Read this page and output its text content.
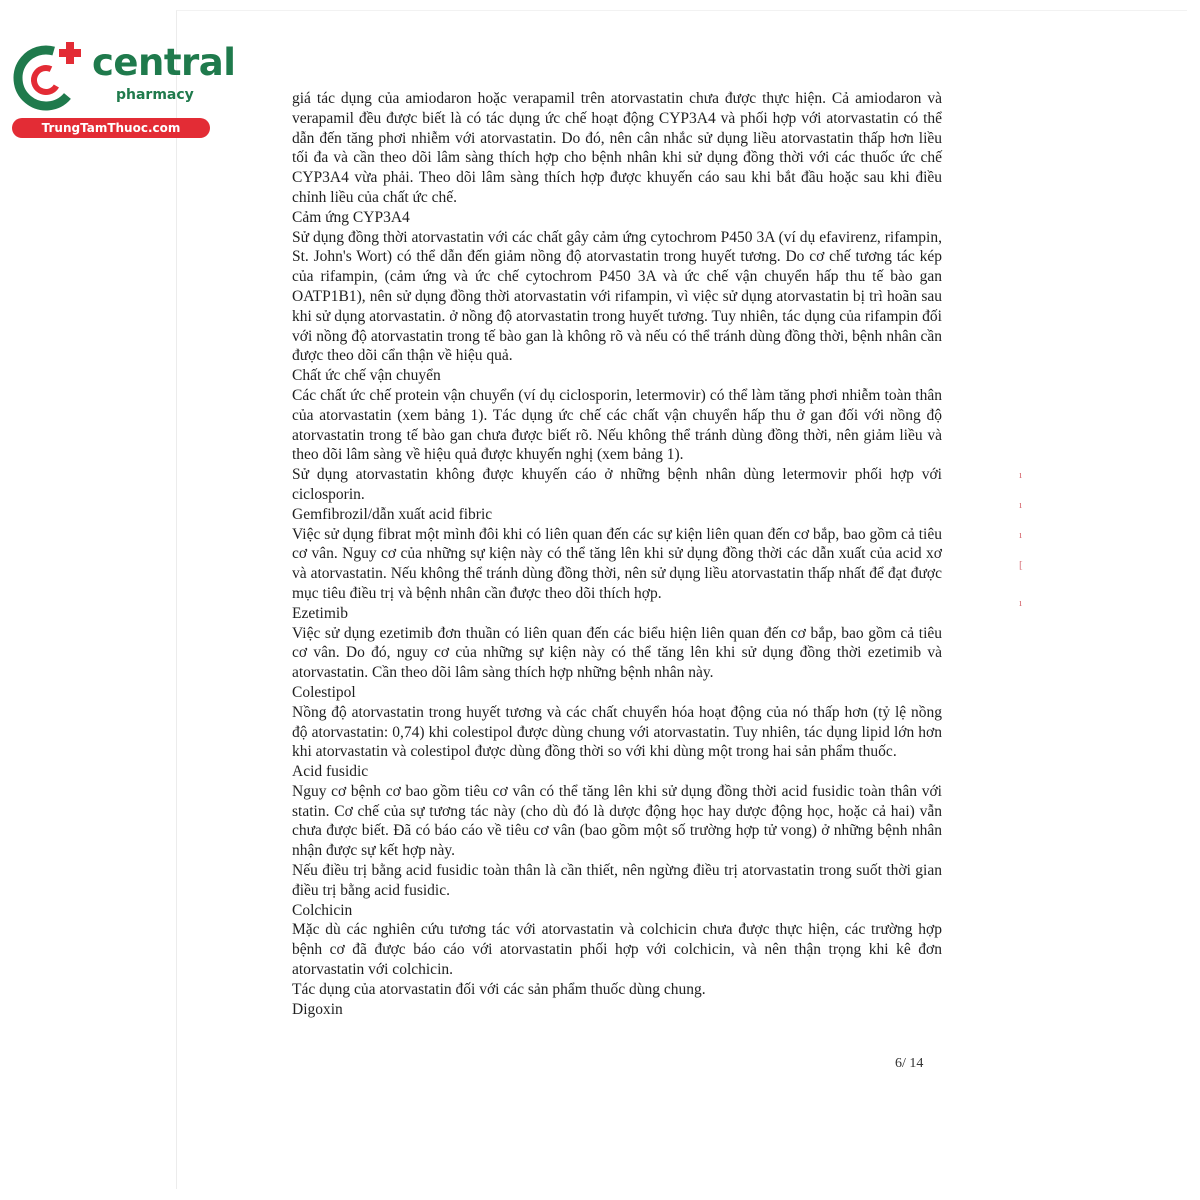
central
pharmacy
TrungTamThuoc.com

giá tác dụng của amiodaron hoặc verapamil trên atorvastatin chưa được thực hiện. Cả amiodaron và verapamil đều được biết là có tác dụng ức chế hoạt động CYP3A4 và phối hợp với atorvastatin có thể dẫn đến tăng phơi nhiễm với atorvastatin. Do đó, nên cân nhắc sử dụng liều atorvastatin thấp hơn liều tối đa và cần theo dõi lâm sàng thích hợp cho bệnh nhân khi sử dụng đồng thời với các thuốc ức chế CYP3A4 vừa phải. Theo dõi lâm sàng thích hợp được khuyến cáo sau khi bắt đầu hoặc sau khi điều chỉnh liều của chất ức chế.

Cảm ứng CYP3A4

Sử dụng đồng thời atorvastatin với các chất gây cảm ứng cytochrom P450 3A (ví dụ efavirenz, rifampin, St. John's Wort) có thể dẫn đến giảm nồng độ atorvastatin trong huyết tương. Do cơ chế tương tác kép của rifampin, (cảm ứng và ức chế cytochrom P450 3A và ức chế vận chuyển hấp thu tế bào gan OATP1B1), nên sử dụng đồng thời atorvastatin với rifampin, vì việc sử dụng atorvastatin bị trì hoãn sau khi sử dụng atorvastatin. ở nồng độ atorvastatin trong huyết tương. Tuy nhiên, tác dụng của rifampin đối với nồng độ atorvastatin trong tế bào gan là không rõ và nếu có thể tránh dùng đồng thời, bệnh nhân cần được theo dõi cẩn thận về hiệu quả.

Chất ức chế vận chuyển

Các chất ức chế protein vận chuyển (ví dụ ciclosporin, letermovir) có thể làm tăng phơi nhiễm toàn thân của atorvastatin (xem bảng 1). Tác dụng ức chế các chất vận chuyển hấp thu ở gan đối với nồng độ atorvastatin trong tế bào gan chưa được biết rõ. Nếu không thể tránh dùng đồng thời, nên giảm liều và theo dõi lâm sàng về hiệu quả được khuyến nghị (xem bảng 1).

Sử dụng atorvastatin không được khuyến cáo ở những bệnh nhân dùng letermovir phối hợp với ciclosporin.

Gemfibrozil/dẫn xuất acid fibric

Việc sử dụng fibrat một mình đôi khi có liên quan đến các sự kiện liên quan đến cơ bắp, bao gồm cả tiêu cơ vân. Nguy cơ của những sự kiện này có thể tăng lên khi sử dụng đồng thời các dẫn xuất của acid xơ và atorvastatin. Nếu không thể tránh dùng đồng thời, nên sử dụng liều atorvastatin thấp nhất để đạt được mục tiêu điều trị và bệnh nhân cần được theo dõi thích hợp.

Ezetimib

Việc sử dụng ezetimib đơn thuần có liên quan đến các biểu hiện liên quan đến cơ bắp, bao gồm cả tiêu cơ vân. Do đó, nguy cơ của những sự kiện này có thể tăng lên khi sử dụng đồng thời ezetimib và atorvastatin. Cần theo dõi lâm sàng thích hợp những bệnh nhân này.

Colestipol

Nồng độ atorvastatin trong huyết tương và các chất chuyển hóa hoạt động của nó thấp hơn (tỷ lệ nồng độ atorvastatin: 0,74) khi colestipol được dùng chung với atorvastatin. Tuy nhiên, tác dụng lipid lớn hơn khi atorvastatin và colestipol được dùng đồng thời so với khi dùng một trong hai sản phẩm thuốc.

Acid fusidic

Nguy cơ bệnh cơ bao gồm tiêu cơ vân có thể tăng lên khi sử dụng đồng thời acid fusidic toàn thân với statin. Cơ chế của sự tương tác này (cho dù đó là dược động học hay dược động học, hoặc cả hai) vẫn chưa được biết. Đã có báo cáo về tiêu cơ vân (bao gồm một số trường hợp tử vong) ở những bệnh nhân nhận được sự kết hợp này.

Nếu điều trị bằng acid fusidic toàn thân là cần thiết, nên ngừng điều trị atorvastatin trong suốt thời gian điều trị bằng acid fusidic.

Colchicin

Mặc dù các nghiên cứu tương tác với atorvastatin và colchicin chưa được thực hiện, các trường hợp bệnh cơ đã được báo cáo với atorvastatin phối hợp với colchicin, và nên thận trọng khi kê đơn atorvastatin với colchicin.

Tác dụng của atorvastatin đối với các sản phẩm thuốc dùng chung.

Digoxin

6/ 14
ı
ı
ı
[
ı
